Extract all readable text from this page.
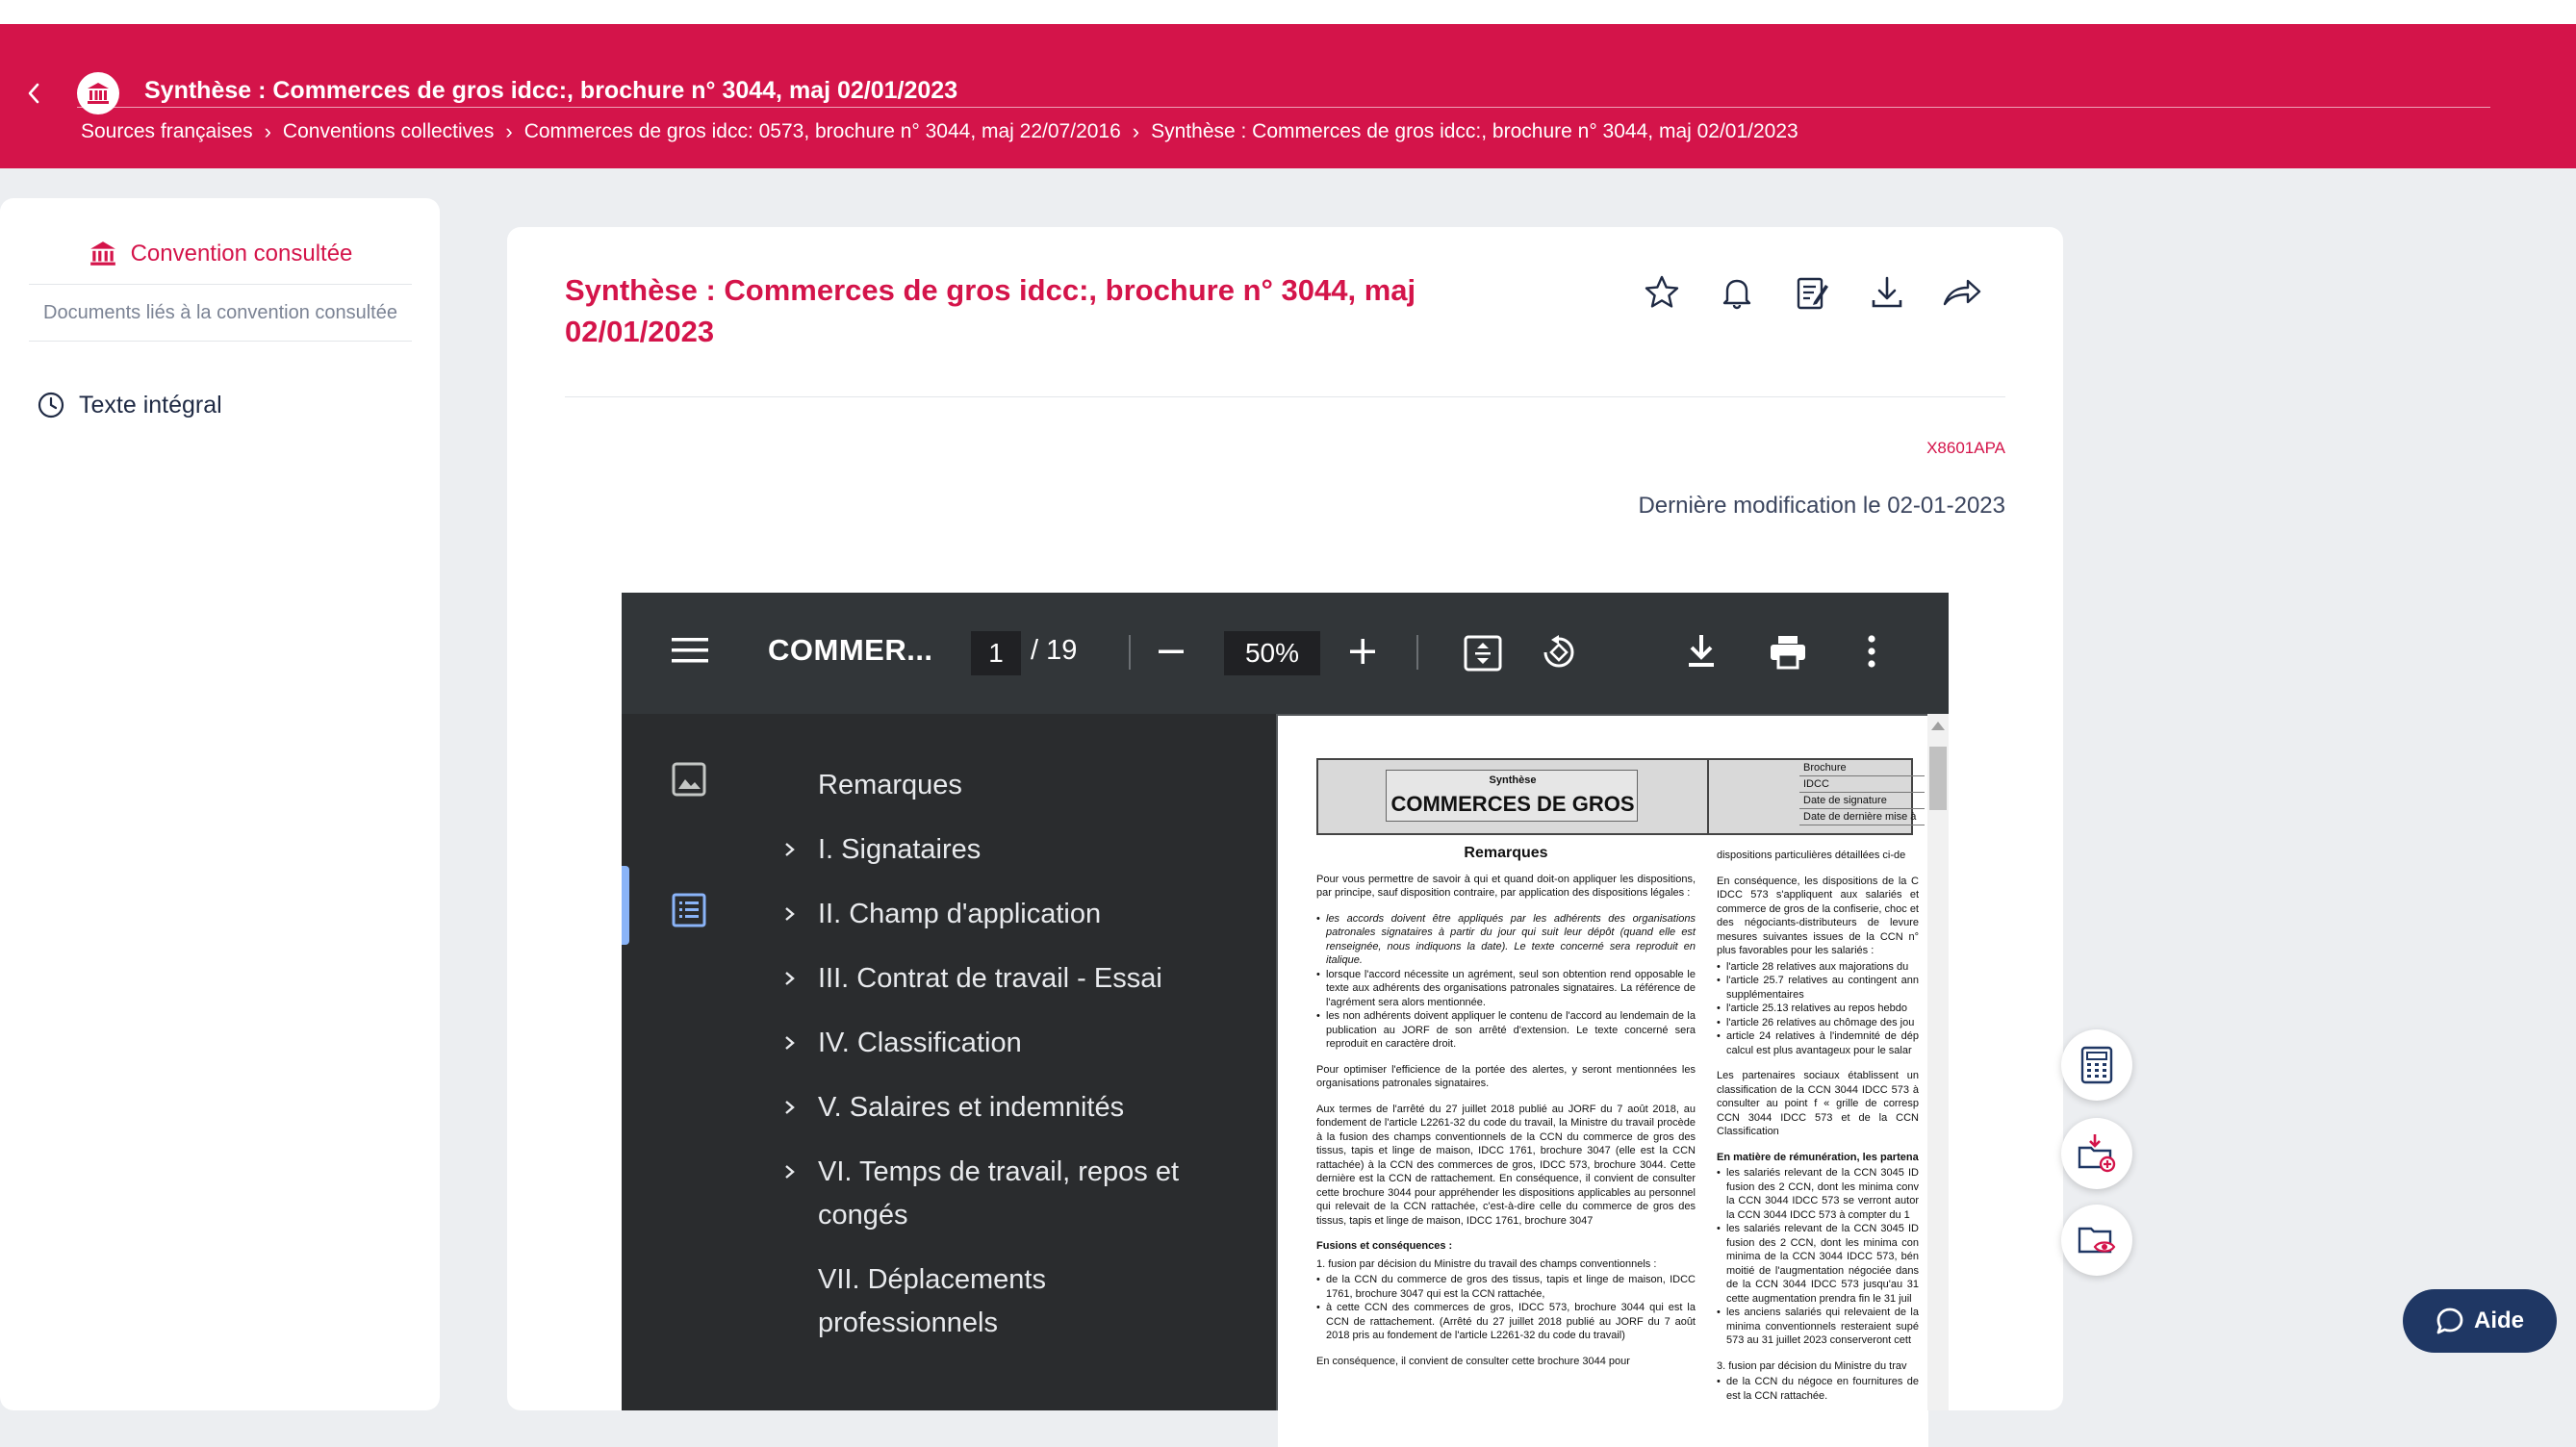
Synthèse : Commerces de gros idcc:, brochure n° 3044, maj 02/01/2023
Sources françaises › Conventions collectives › Commerces de gros idcc: 0573, brochure n° 3044, maj 22/07/2016 › Synthèse : Commerces de gros idcc:, brochure n° 3044, maj 02/01/2023
Convention consultée
Documents liés à la convention consultée
Texte intégral
Synthèse : Commerces de gros idcc:, brochure n° 3044, maj 02/01/2023
X8601APA
Dernière modification le 02-01-2023
COMMER...	1 / 19	50%
Remarques
I. Signataires
II. Champ d'application
III. Contrat de travail - Essai
IV. Classification
V. Salaires et indemnités
VI. Temps de travail, repos et congés
VII. Déplacements professionnels
Synthèse
COMMERCES DE GROS
Brochure
IDCC
Date de signature
Date de dernière mise à
Remarques

Pour vous permettre de savoir à qui et quand doit-on appliquer les dispositions, par principe, sauf disposition contraire, par application des dispositions légales :

• les accords doivent être appliqués par les adhérents des organisations patronales signataires à partir du jour qui suit leur dépôt (quand elle est renseignée, nous indiquons la date). Le texte concerné sera reproduit en italique.
• lorsque l'accord nécessite un agrément, seul son obtention rend opposable le texte aux adhérents des organisations patronales signataires. La référence de l'agrément sera alors mentionnée.
• les non adhérents doivent appliquer le contenu de l'accord au lendemain de la publication au JORF de son arrêté d'extension. Le texte concerné sera reproduit en caractère droit.

Pour optimiser l'efficience de la portée des alertes, y seront mentionnées les organisations patronales signataires.

Aux termes de l'arrêté du 27 juillet 2018 publié au JORF du 7 août 2018, au fondement de l'article L2261-32 du code du travail, la Ministre du travail procède à la fusion des champs conventionnels de la CCN du commerce de gros des tissus, tapis et linge de maison, IDCC 1761, brochure 3047 (elle est la CCN rattachée) à la CCN des commerces de gros, IDCC 573, brochure 3044. Cette dernière est la CCN de rattachement. En conséquence, il convient de consulter cette brochure 3044 pour appréhender les dispositions applicables au personnel qui relevait de la CCN rattachée, c'est-à-dire celle du commerce de gros des tissus, tapis et linge de maison, IDCC 1761, brochure 3047

Fusions et conséquences :

1. fusion par décision du Ministre du travail des champs conventionnels :

• de la CCN du commerce de gros des tissus, tapis et linge de maison, IDCC 1761, brochure 3047 qui est la CCN rattachée,
• à cette CCN des commerces de gros, IDCC 573, brochure 3044 qui est la CCN de rattachement. (Arrêté du 27 juillet 2018 publié au JORF du 7 août 2018 pris au fondement de l'article L2261-32 du code du travail)

En conséquence, il convient de consulter cette brochure 3044 pour

dispositions particulières détaillées ci-de

En conséquence, les dispositions de la C IDCC 573 s'appliquent aux salariés et commerce de gros de la confiserie, choc et des négociants-distributeurs de levure mesures suivantes issues de la CCN n° plus favorables pour les salariés :

• l'article 28 relatives aux majorations du
• l'article 25.7 relatives au contingent ann supplémentaires
• l'article 25.13 relatives au repos hebdo
• l'article 26 relatives au chômage des jou
• article 24 relatives à l'indemnité de dép calcul est plus avantageux pour le salar

Les partenaires sociaux établissent un classification de la CCN 3044 IDCC 573 à consulter au point f « grille de corresp CCN 3044 IDCC 573 et de la CCN Classification

En matière de rémunération, les partena

• les salariés relevant de la CCN 3045 ID fusion des 2 CCN, dont les minima conv la CCN 3044 IDCC 573 se verront autor la CCN 3044 IDCC 573 à compter du 1
• les salariés relevant de la CCN 3045 ID fusion des 2 CCN, dont les minima con minima de la CCN 3044 IDCC 573, bén moitié de l'augmentation négociée dans de la CCN 3044 IDCC 573 jusqu'au 31 cette augmentation prendra fin le 31 juil
• les anciens salariés qui relevaient de la minima conventionnels resteraient supé 573 au 31 juillet 2023 conserveront cett

3. fusion par décision du Ministre du trav

• de la CCN du négoce en fournitures de est la CCN rattachée.
Aide
